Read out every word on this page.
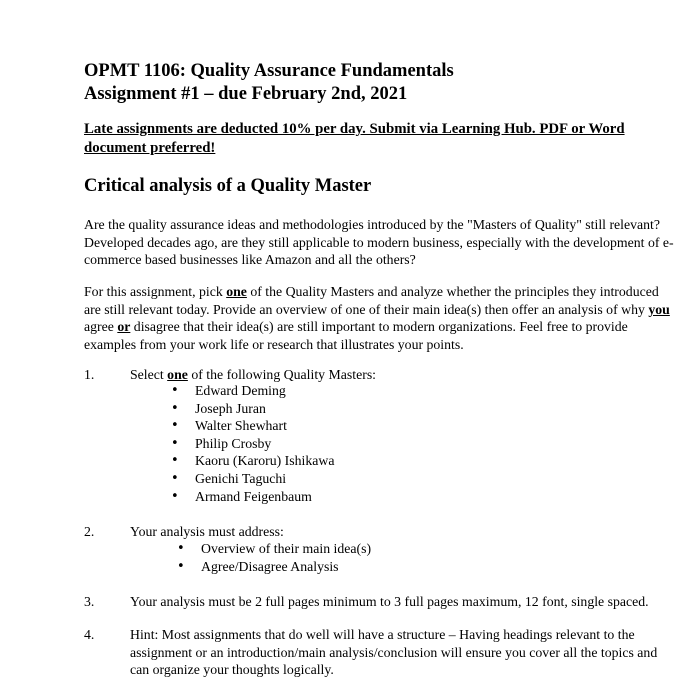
OPMT 1106: Quality Assurance Fundamentals
Assignment #1 – due February 2nd, 2021
Late assignments are deducted 10% per day. Submit via Learning Hub. PDF or Word document preferred!
Critical analysis of a Quality Master
Are the quality assurance ideas and methodologies introduced by the "Masters of Quality" still relevant? Developed decades ago, are they still applicable to modern business, especially with the development of e-commerce based businesses like Amazon and all the others?
For this assignment, pick one of the Quality Masters and analyze whether the principles they introduced are still relevant today. Provide an overview of one of their main idea(s) then offer an analysis of why you agree or disagree that their idea(s) are still important to modern organizations. Feel free to provide examples from your work life or research that illustrates your points.
1.	Select one of the following Quality Masters:
• Edward Deming
• Joseph Juran
• Walter Shewhart
• Philip Crosby
• Kaoru (Karoru) Ishikawa
• Genichi Taguchi
• Armand Feigenbaum
2.	Your analysis must address:
• Overview of their main idea(s)
• Agree/Disagree Analysis
3.	Your analysis must be 2 full pages minimum to 3 full pages maximum, 12 font, single spaced.
4.	Hint: Most assignments that do well will have a structure – Having headings relevant to the assignment or an introduction/main analysis/conclusion will ensure you cover all the topics and can organize your thoughts logically.
